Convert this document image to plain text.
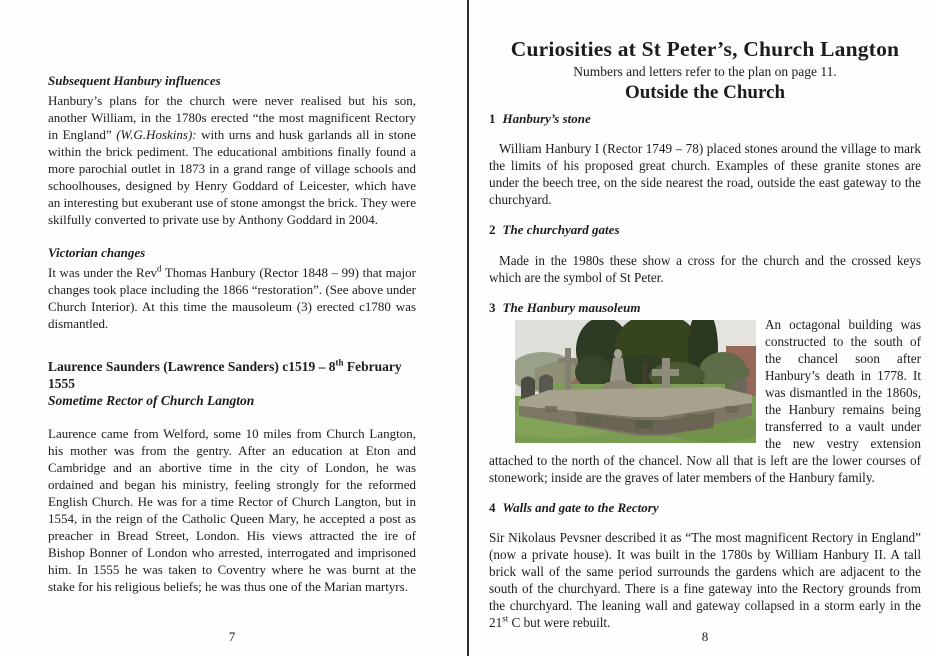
Subsequent Hanbury influences

Hanbury’s plans for the church were never realised but his son, another William, in the 1780s erected “the most magnificent Rectory in England” (W.G.Hoskins): with urns and husk garlands all in stone within the brick pediment. The educational ambitions finally found a more parochial outlet in 1873 in a grand range of village schools and schoolhouses, designed by Henry Goddard of Leicester, which have an interesting but exuberant use of stone amongst the brick. They were skilfully converted to private use by Anthony Goddard in 2004.

Victorian changes

It was under the Rev$^d$ Thomas Hanbury (Rector 1848 – 99) that major changes took place including the 1866 “restoration”. (See above under Church Interior). At this time the mausoleum (3) erected c1780 was dismantled.

Laurence Saunders (Lawrence Sanders) c1519 – 8th February 1555
Sometime Rector of Church Langton

Laurence came from Welford, some 10 miles from Church Langton, his mother was from the gentry. After an education at Eton and Cambridge and an abortive time in the city of London, he was ordained and began his ministry, feeling strongly for the reformed English Church. He was for a time Rector of Church Langton, but in 1554, in the reign of the Catholic Queen Mary, he accepted a post as preacher in Bread Street, London. His views attracted the ire of Bishop Bonner of London who arrested, interrogated and imprisoned him. In 1555 he was taken to Coventry where he was burnt at the stake for his religious beliefs; he was thus one of the Marian martyrs.

7
Curiosities at St Peter’s, Church Langton
Numbers and letters refer to the plan on page 11.
Outside the Church
1 Hanbury’s stone

William Hanbury I (Rector 1749 – 78) placed stones around the village to mark the limits of his proposed great church. Examples of these granite stones are under the beech tree, on the side nearest the road, outside the east gateway to the churchyard.

2 The churchyard gates

Made in the 1980s these show a cross for the church and the crossed keys which are the symbol of St Peter.

3 The Hanbury mausoleum
An octagonal building was constructed to the south of the chancel soon after Hanbury’s death in 1778. It was dismantled in the 1860s, the Hanbury remains being transferred to a vault under the new vestry extension attached to the north of the chancel. Now all that is left are the lower courses of stonework; inside are the graves of later members of the Hanbury family.
4 Walls and gate to the Rectory

Sir Nikolaus Pevsner described it as “The most magnificent Rectory in England” (now a private house). It was built in the 1780s by William Hanbury II. A tall brick wall of the same period surrounds the gardens which are adjacent to the south of the churchyard. There is a fine gateway into the Rectory grounds from the churchyard. The leaning wall and gateway collapsed in a storm early in the 21st C but were rebuilt.

8
